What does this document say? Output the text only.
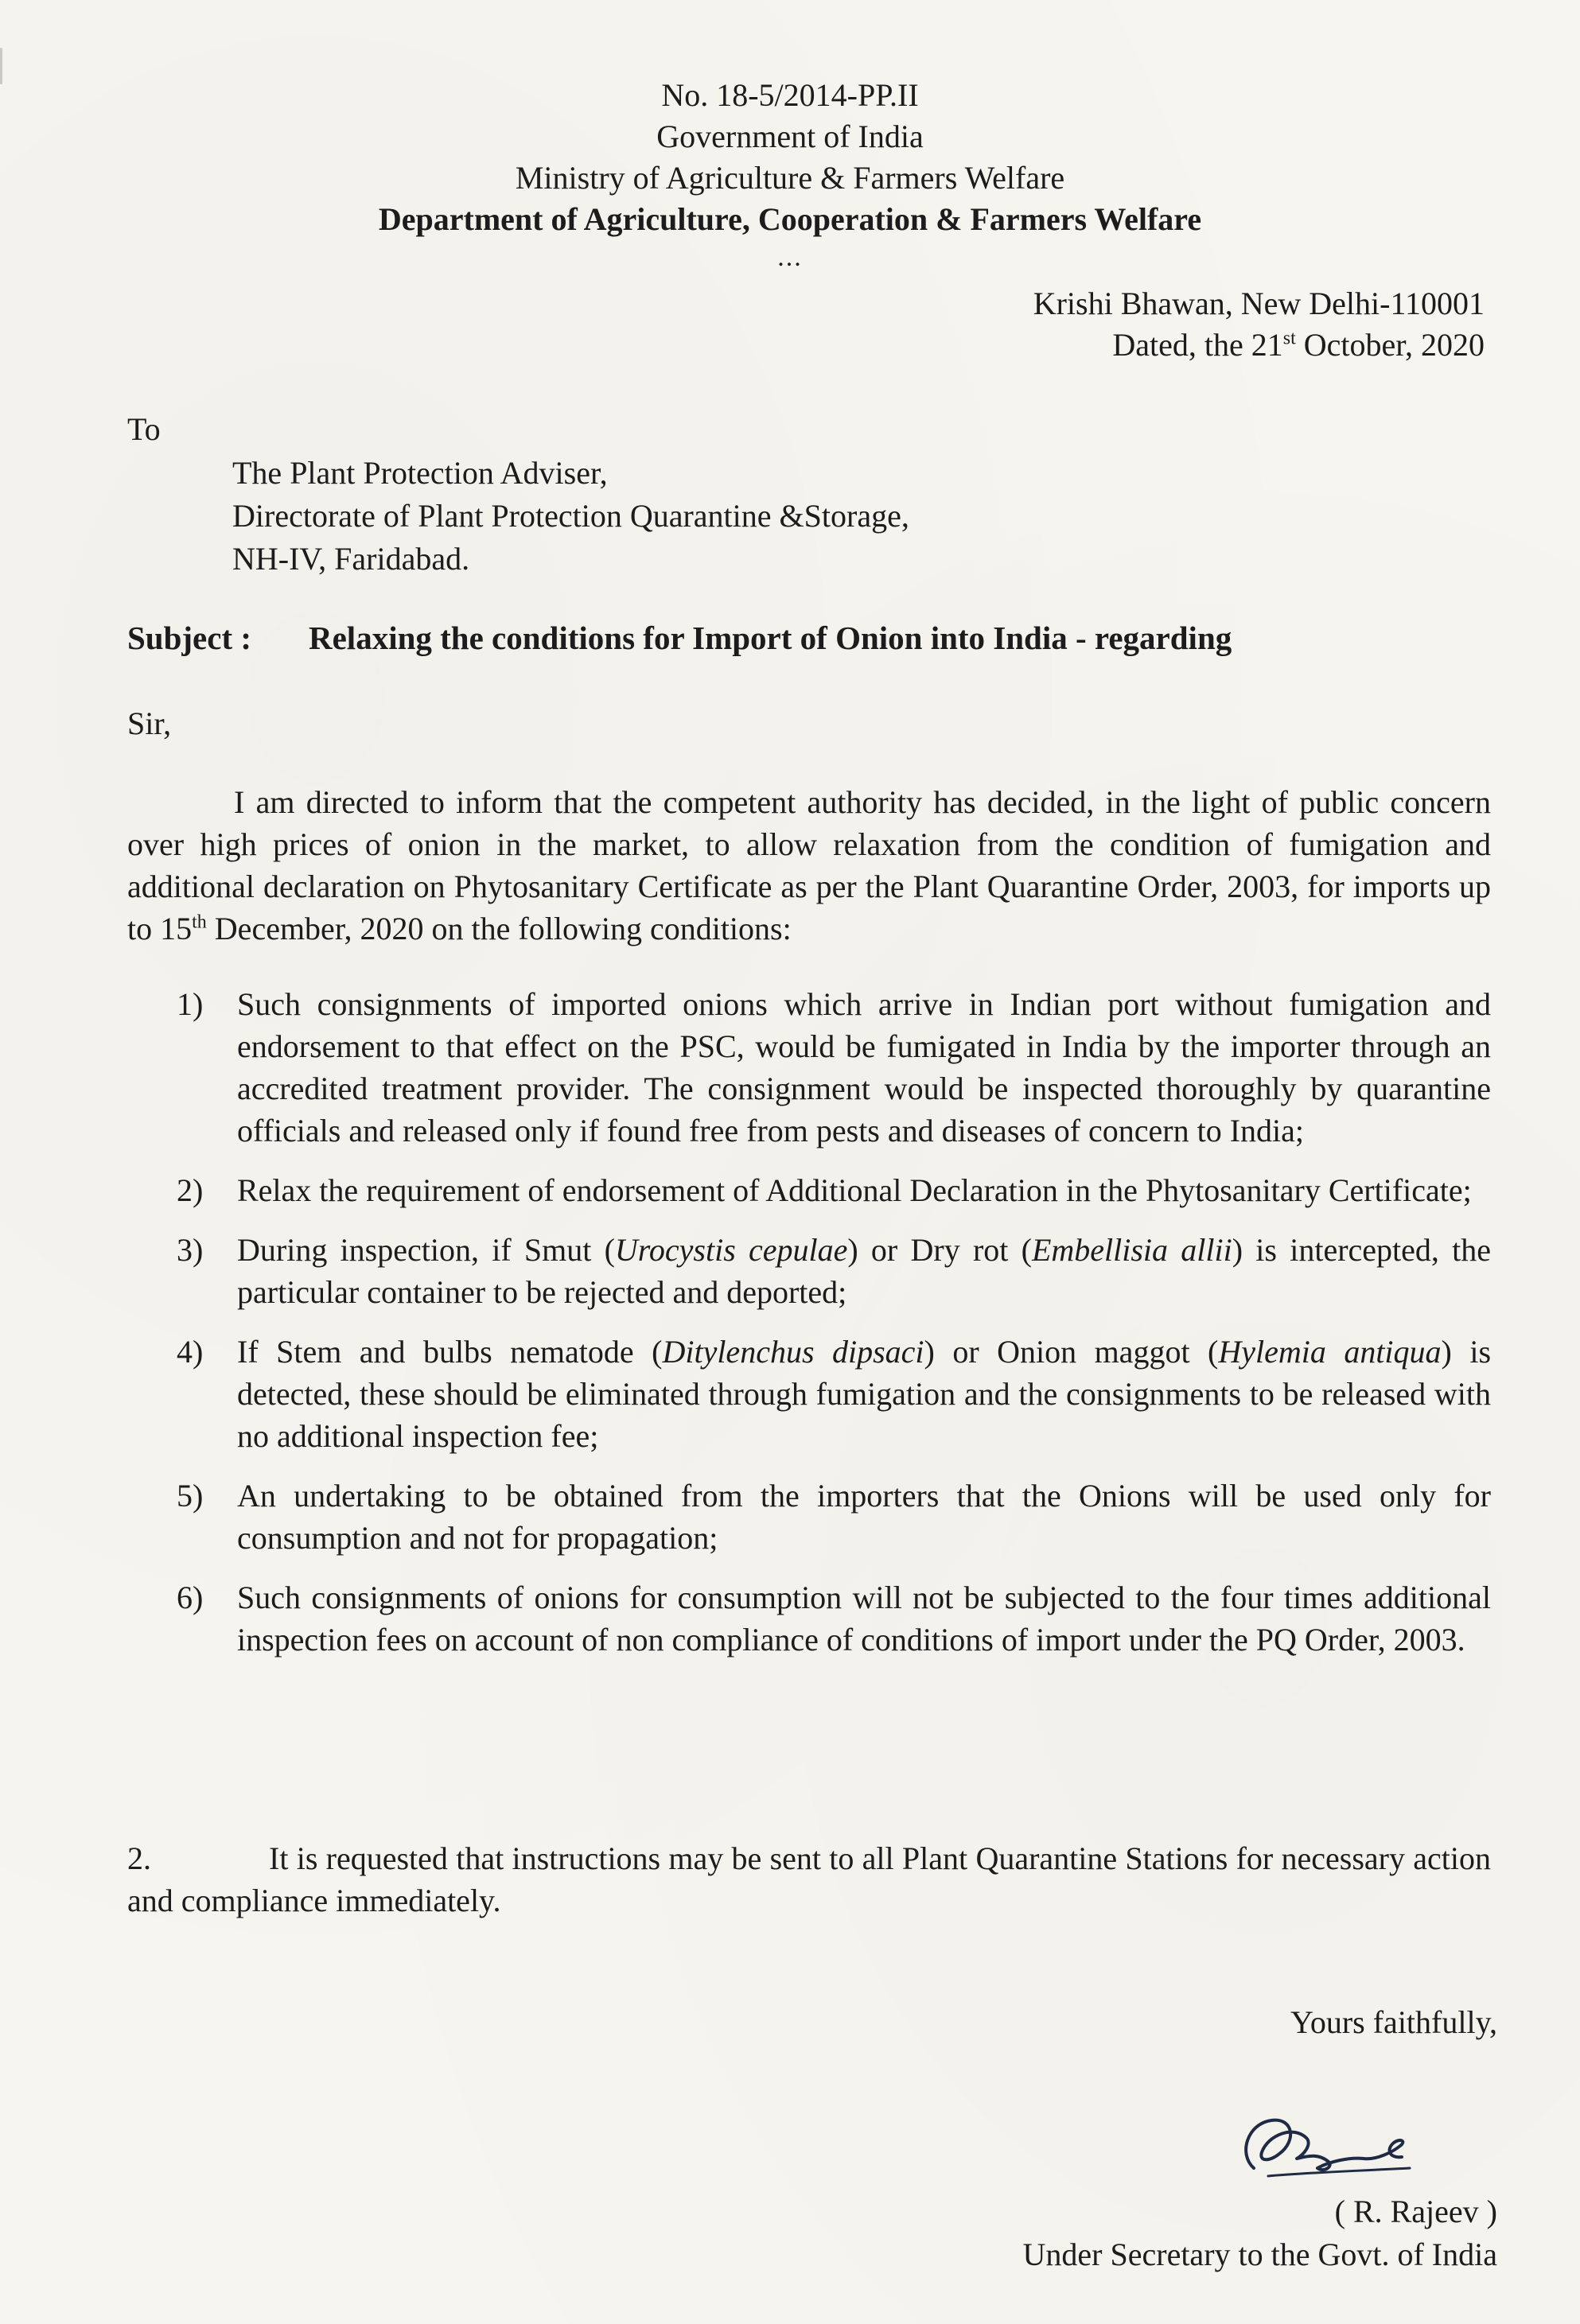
No. 18-5/2014-PP.II

Government of India

Ministry of Agriculture & Farmers Welfare

Department of Agriculture, Cooperation & Farmers Welfare

...

Krishi Bhawan, New Delhi-110001
Dated, the 21st October, 2020

To

The Plant Protection Adviser,
Directorate of Plant Protection Quarantine &Storage,
NH-IV, Faridabad.

Subject : Relaxing the conditions for Import of Onion into India - regarding

Sir,

I am directed to inform that the competent authority has decided, in the light of public concern over high prices of onion in the market, to allow relaxation from the condition of fumigation and additional declaration on Phytosanitary Certificate as per the Plant Quarantine Order, 2003, for imports up to 15th December, 2020 on the following conditions:

1) Such consignments of imported onions which arrive in Indian port without fumigation and endorsement to that effect on the PSC, would be fumigated in India by the importer through an accredited treatment provider. The consignment would be inspected thoroughly by quarantine officials and released only if found free from pests and diseases of concern to India;
2) Relax the requirement of endorsement of Additional Declaration in the Phytosanitary Certificate;
3) During inspection, if Smut (Urocystis cepulae) or Dry rot (Embellisia allii) is intercepted, the particular container to be rejected and deported;
4) If Stem and bulbs nematode (Ditylenchus dipsaci) or Onion maggot (Hylemia antiqua) is detected, these should be eliminated through fumigation and the consignments to be released with no additional inspection fee;
5) An undertaking to be obtained from the importers that the Onions will be used only for consumption and not for propagation;
6) Such consignments of onions for consumption will not be subjected to the four times additional inspection fees on account of non compliance of conditions of import under the PQ Order, 2003.

2.	It is requested that instructions may be sent to all Plant Quarantine Stations for necessary action and compliance immediately.

Yours faithfully,

( R. Rajeev )

Under Secretary to the Govt. of India
